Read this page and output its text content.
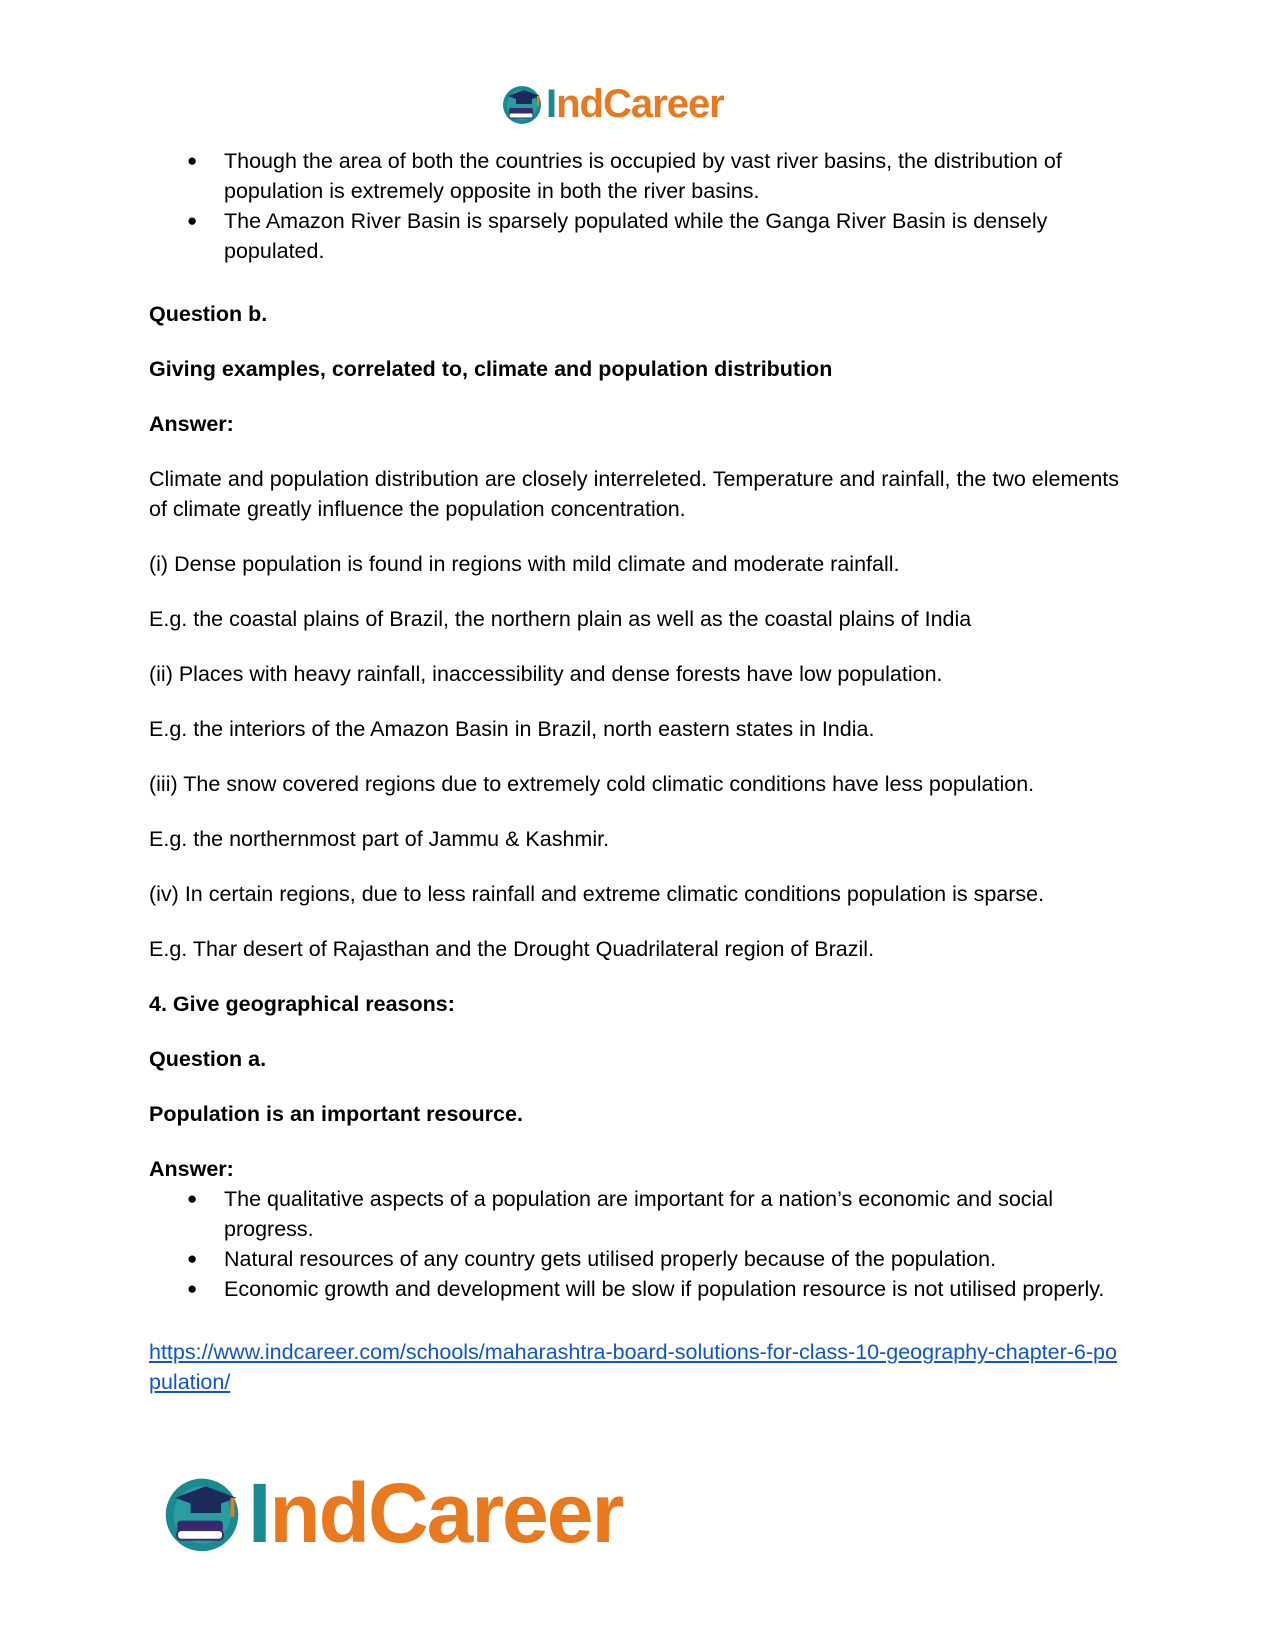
IndCareer
● Though the area of both the countries is occupied by vast river basins, the distribution of population is extremely opposite in both the river basins.
● The Amazon River Basin is sparsely populated while the Ganga River Basin is densely populated.

Question b.

Giving examples, correlated to, climate and population distribution

Answer:

Climate and population distribution are closely interreleted. Temperature and rainfall, the two elements of climate greatly influence the population concentration.

(i) Dense population is found in regions with mild climate and moderate rainfall.

E.g. the coastal plains of Brazil, the northern plain as well as the coastal plains of India

(ii) Places with heavy rainfall, inaccessibility and dense forests have low population.

E.g. the interiors of the Amazon Basin in Brazil, north eastern states in India.

(iii) The snow covered regions due to extremely cold climatic conditions have less population.

E.g. the northernmost part of Jammu & Kashmir.

(iv) In certain regions, due to less rainfall and extreme climatic conditions population is sparse.

E.g. Thar desert of Rajasthan and the Drought Quadrilateral region of Brazil.

4. Give geographical reasons:

Question a.

Population is an important resource.

Answer:

● The qualitative aspects of a population are important for a nation’s economic and social progress.
● Natural resources of any country gets utilised properly because of the population.
● Economic growth and development will be slow if population resource is not utilised properly.
https://www.indcareer.com/schools/maharashtra-board-solutions-for-class-10-geography-chapter-6-population/
IndCareer
